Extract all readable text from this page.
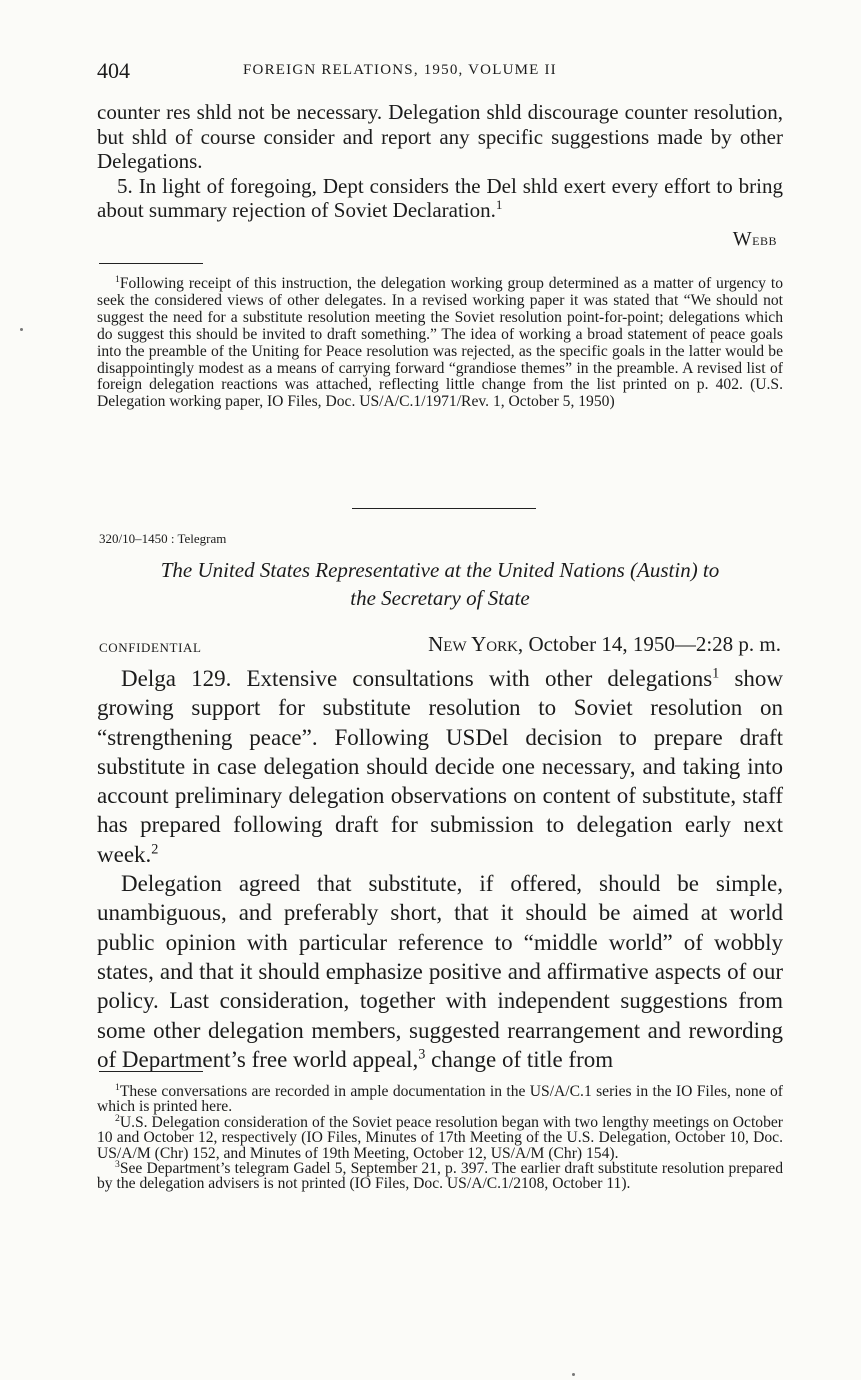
404	FOREIGN RELATIONS, 1950, VOLUME II

counter res shld not be necessary. Delegation shld discourage counter resolution, but shld of course consider and report any specific suggestions made by other Delegations.

5. In light of foregoing, Dept considers the Del shld exert every effort to bring about summary rejection of Soviet Declaration.$^1$

Webb

$^1$Following receipt of this instruction, the delegation working group determined as a matter of urgency to seek the considered views of other delegates. In a revised working paper it was stated that “We should not suggest the need for a substitute resolution meeting the Soviet resolution point-for-point; delegations which do suggest this should be invited to draft something.” The idea of working a broad statement of peace goals into the preamble of the Uniting for Peace resolution was rejected, as the specific goals in the latter would be disappointingly modest as a means of carrying forward “grandiose themes” in the preamble. A revised list of foreign delegation reactions was attached, reflecting little change from the list printed on p. 402. (U.S. Delegation working paper, IO Files, Doc. US/A/C.1/1971/Rev. 1, October 5, 1950)

320/10–1450 : Telegram
The United States Representative at the United Nations (Austin) to
the Secretary of State
CONFIDENTIAL	New York, October 14, 1950—2:28 p. m.

Delga 129. Extensive consultations with other delegations$^1$ show growing support for substitute resolution to Soviet resolution on “strengthening peace”. Following USDel decision to prepare draft substitute in case delegation should decide one necessary, and taking into account preliminary delegation observations on content of substitute, staff has prepared following draft for submission to delegation early next week.$^2$

Delegation agreed that substitute, if offered, should be simple, unambiguous, and preferably short, that it should be aimed at world public opinion with particular reference to “middle world” of wobbly states, and that it should emphasize positive and affirmative aspects of our policy. Last consideration, together with independent suggestions from some other delegation members, suggested rearrangement and rewording of Department’s free world appeal,$^3$ change of title from

$^1$These conversations are recorded in ample documentation in the US/A/C.1 series in the IO Files, none of which is printed here.

$^2$U.S. Delegation consideration of the Soviet peace resolution began with two lengthy meetings on October 10 and October 12, respectively (IO Files, Minutes of 17th Meeting of the U.S. Delegation, October 10, Doc. US/A/M (Chr) 152, and Minutes of 19th Meeting, October 12, US/A/M (Chr) 154).

$^3$See Department’s telegram Gadel 5, September 21, p. 397. The earlier draft substitute resolution prepared by the delegation advisers is not printed (IO Files, Doc. US/A/C.1/2108, October 11).
